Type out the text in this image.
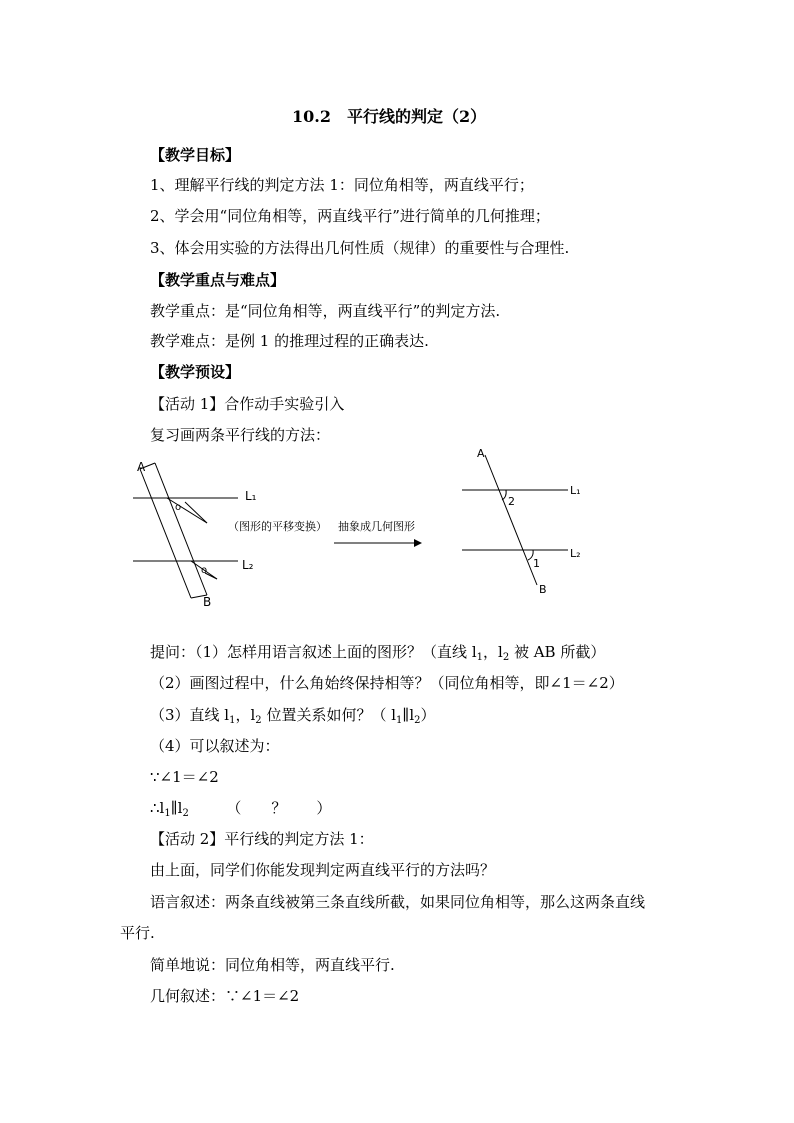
10.2　平行线的判定（2）
【教学目标】
1、理解平行线的判定方法 1：同位角相等，两直线平行；
2、学会用“同位角相等，两直线平行”进行简单的几何推理；
3、体会用实验的方法得出几何性质（规律）的重要性与合理性.
【教学重点与难点】
教学重点：是“同位角相等，两直线平行”的判定方法.
教学难点：是例 1 的推理过程的正确表达.
【教学预设】
【活动 1】合作动手实验引入
复习画两条平行线的方法：
A
B
L₁
L₂
o
o
（图形的平移变换） 抽象成几何图形
A
B
L₁
L₂
2
1
提问：（1）怎样用语言叙述上面的图形？（直线 $l_1$，$l_2$ 被 AB 所截）
（2）画图过程中，什么角始终保持相等？（同位角相等，即∠1＝∠2）
（3）直线 $l_1$，$l_2$ 位置关系如何？（ $l_1\parallel l_2$）
（4）可以叙述为：
∵∠1＝∠2
$\therefore l_1\parallel l_2$　　　（　　？　　）
【活动 2】平行线的判定方法 1：
由上面，同学们你能发现判定两直线平行的方法吗？
语言叙述：两条直线被第三条直线所截，如果同位角相等，那么这两条直线
平行.
简单地说：同位角相等，两直线平行.
几何叙述：∵∠1＝∠2
